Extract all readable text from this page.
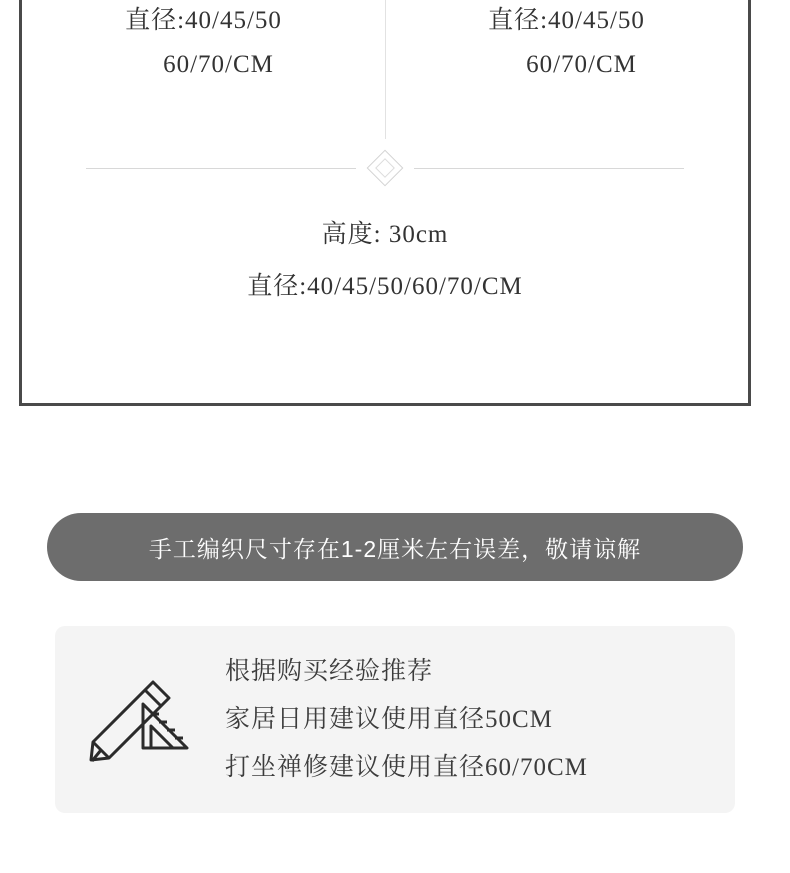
直径:40/45/50
60/70/CM
直径:40/45/50
60/70/CM
高度: 30cm
直径:40/45/50/60/70/CM
手工编织尺寸存在1-2厘米左右误差，敬请谅解
根据购买经验推荐
家居日用建议使用直径50CM
打坐禅修建议使用直径60/70CM
